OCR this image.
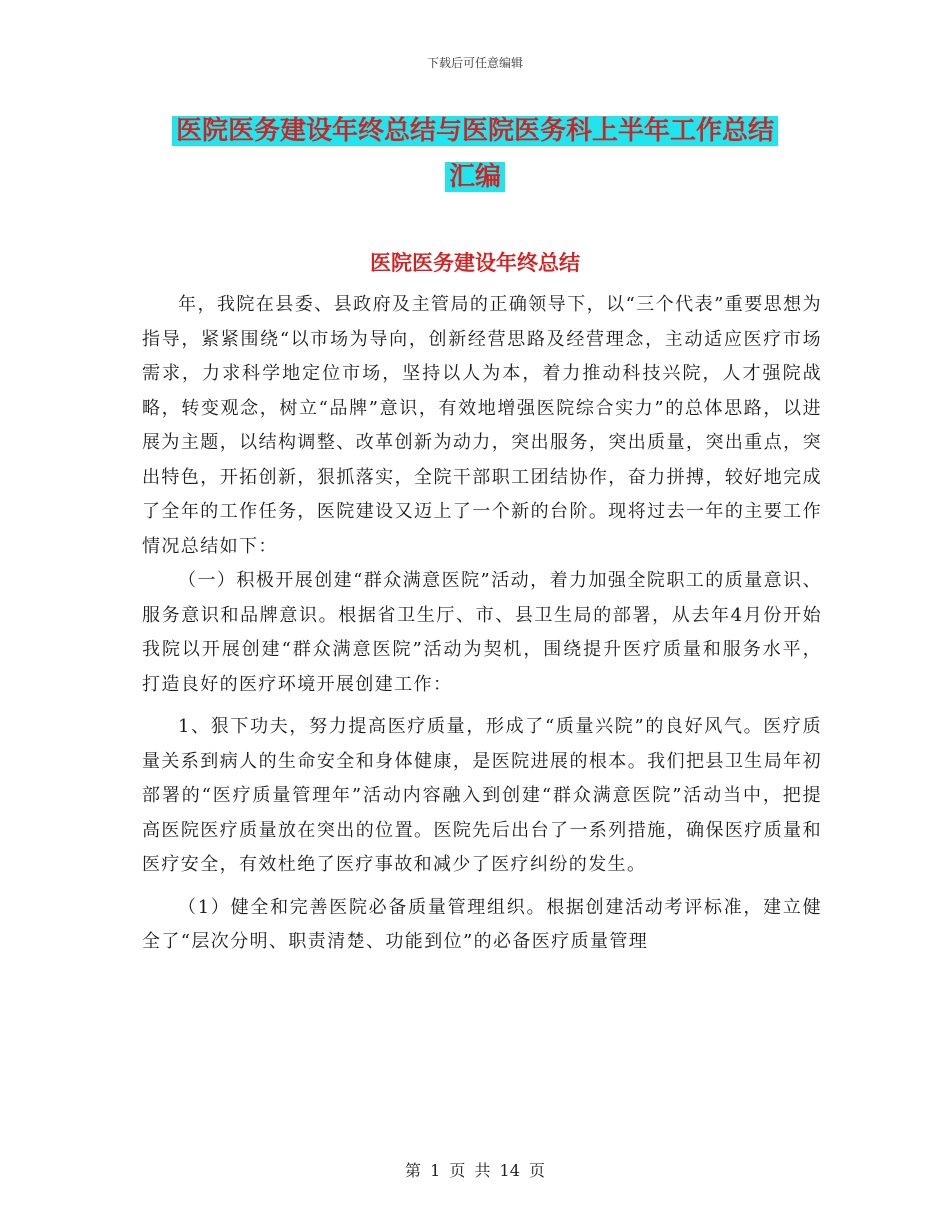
下载后可任意编辑
医院医务建设年终总结与医院医务科上半年工作总结
汇编
医院医务建设年终总结

年，我院在县委、县政府及主管局的正确领导下，以“三个代表”重要思想为指导，紧紧围绕“以市场为导向，创新经营思路及经营理念，主动适应医疗市场需求，力求科学地定位市场，坚持以人为本，着力推动科技兴院，人才强院战略，转变观念，树立“品牌”意识，有效地增强医院综合实力”的总体思路，以进展为主题，以结构调整、改革创新为动力，突出服务，突出质量，突出重点，突出特色，开拓创新，狠抓落实，全院干部职工团结协作，奋力拼搏，较好地完成了全年的工作任务，医院建设又迈上了一个新的台阶。现将过去一年的主要工作情况总结如下：

（一）积极开展创建“群众满意医院”活动，着力加强全院职工的质量意识、服务意识和品牌意识。根据省卫生厅、市、县卫生局的部署，从去年4月份开始我院以开展创建“群众满意医院”活动为契机，围绕提升医疗质量和服务水平，打造良好的医疗环境开展创建工作：

1、狠下功夫，努力提高医疗质量，形成了“质量兴院”的良好风气。医疗质量关系到病人的生命安全和身体健康，是医院进展的根本。我们把县卫生局年初部署的“医疗质量管理年”活动内容融入到创建“群众满意医院”活动当中，把提高医院医疗质量放在突出的位置。医院先后出台了一系列措施，确保医疗质量和医疗安全，有效杜绝了医疗事故和减少了医疗纠纷的发生。

（1）健全和完善医院必备质量管理组织。根据创建活动考评标准，建立健全了“层次分明、职责清楚、功能到位”的必备医疗质量管理

第 1 页 共 14 页
